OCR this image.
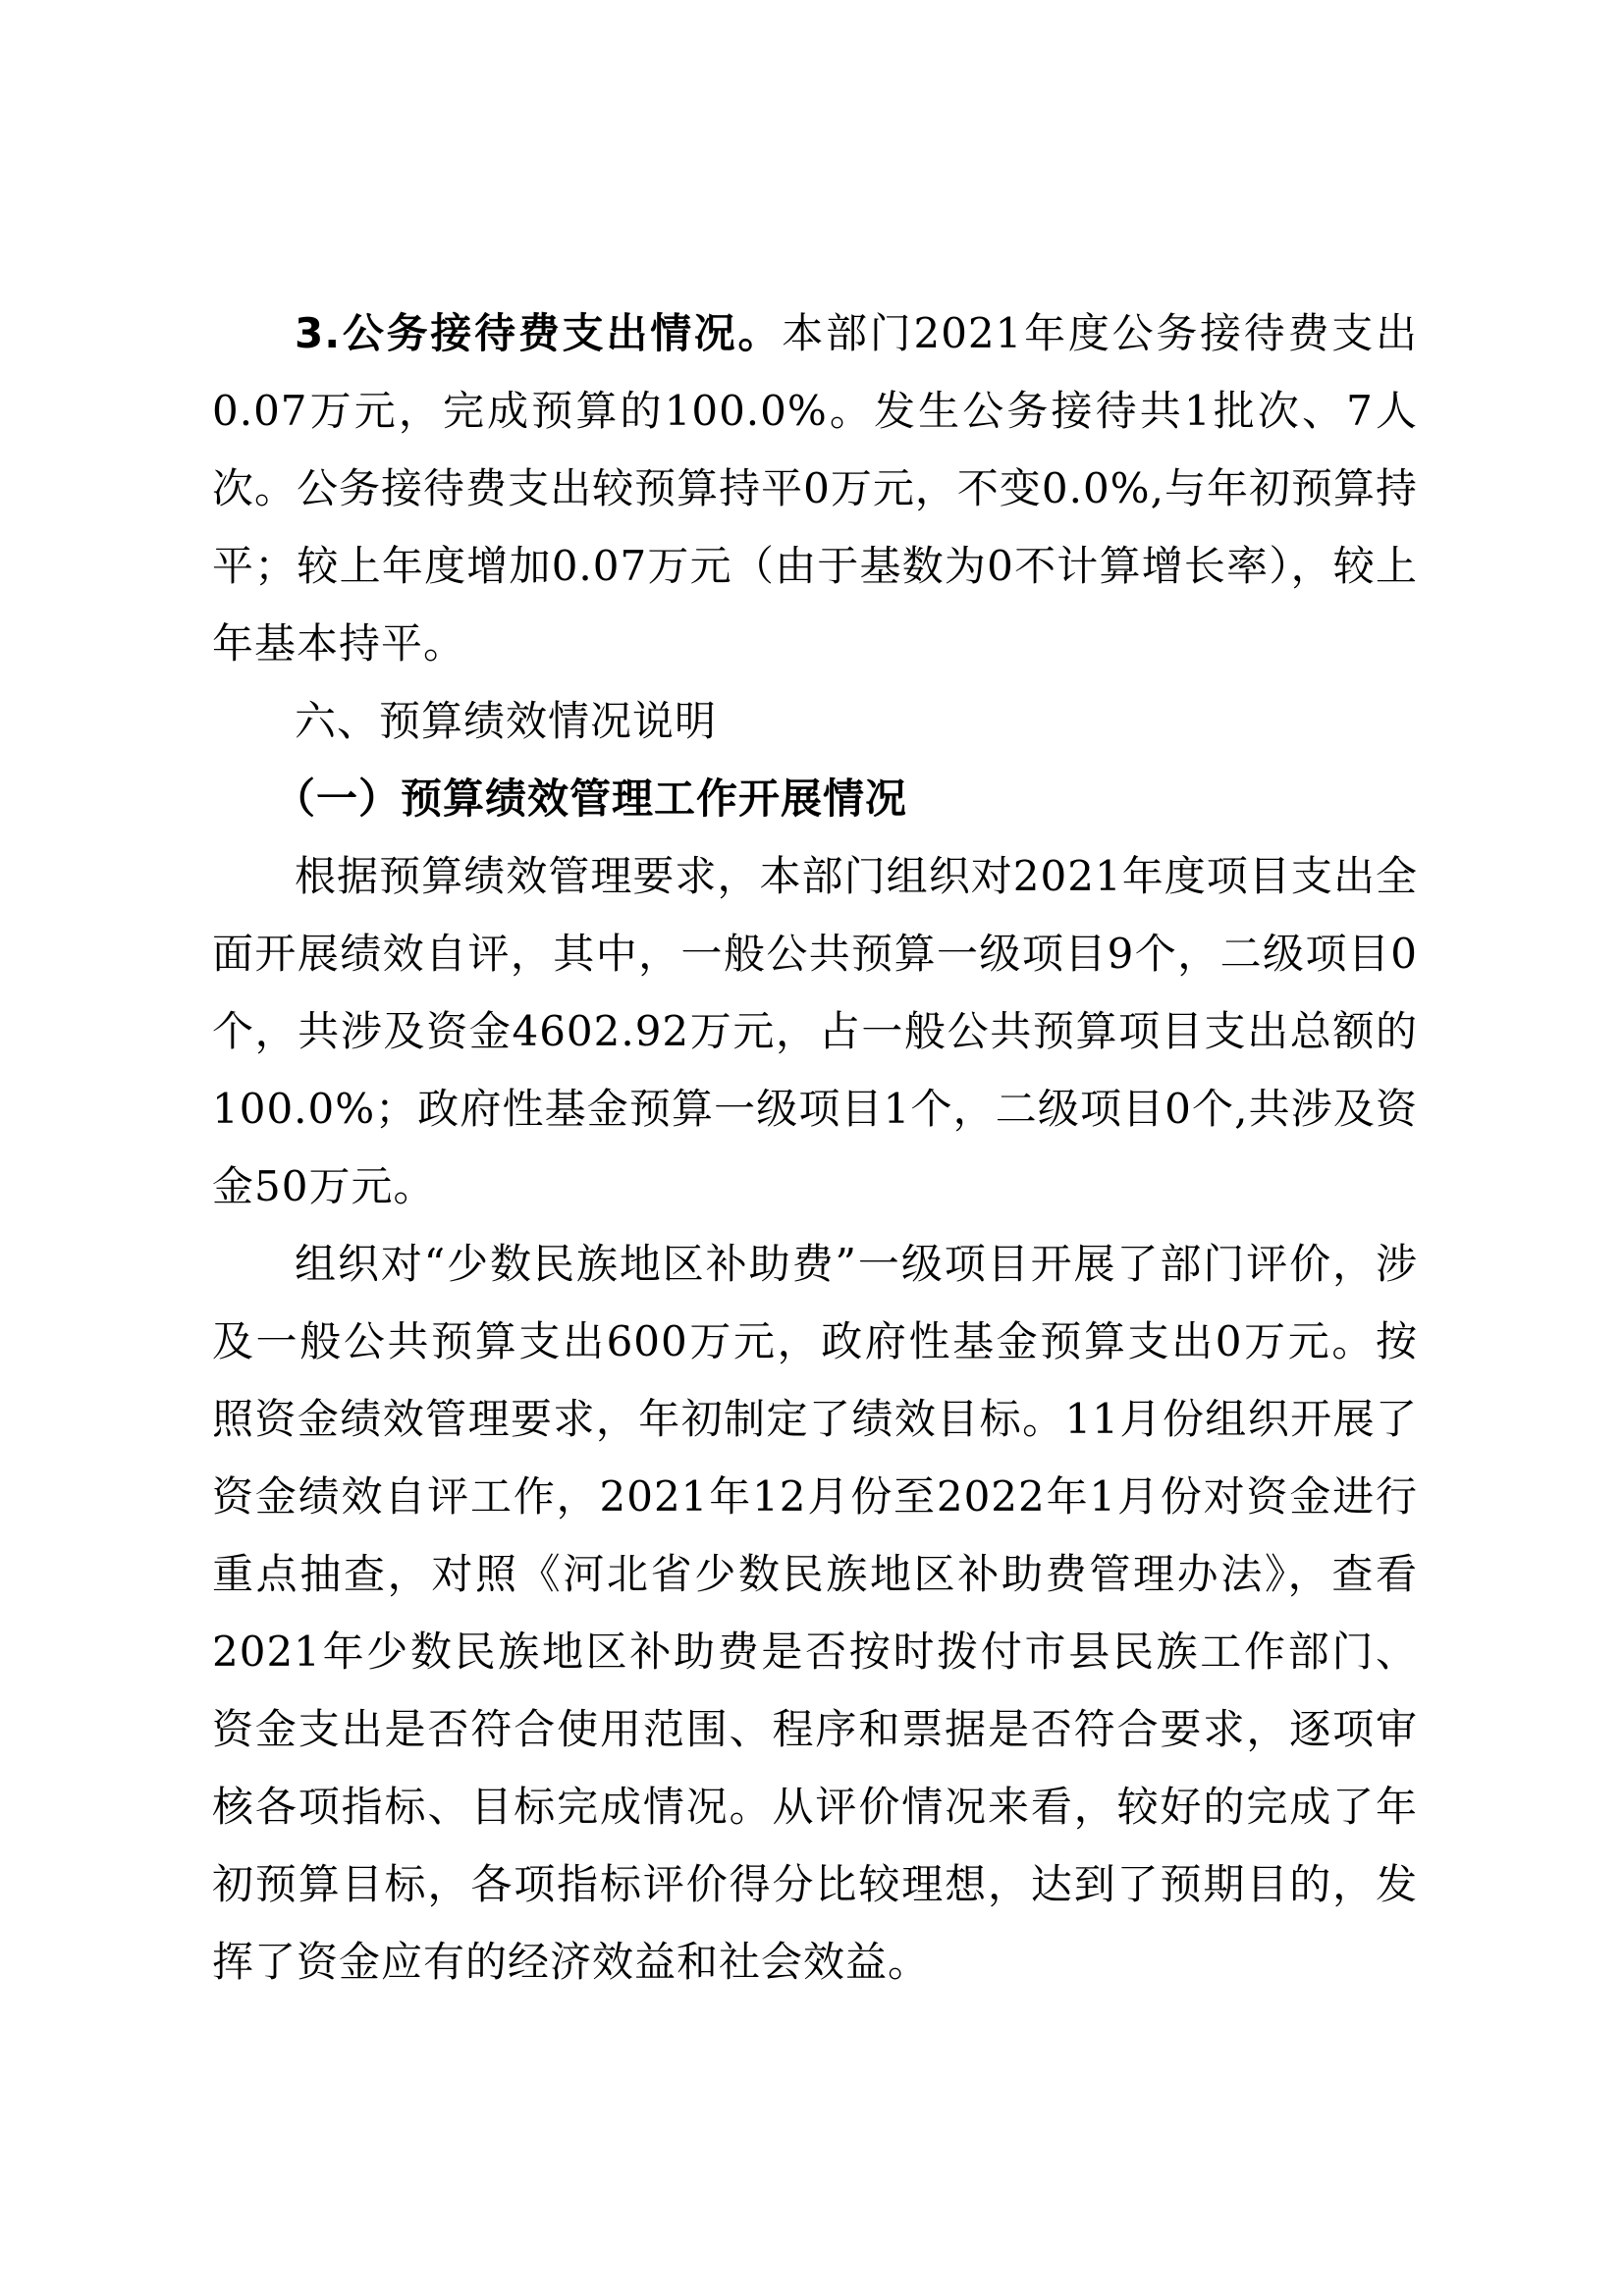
3.公务接待费支出情况。本部门2021年度公务接待费支出0.07万元，完成预算的100.0%。发生公务接待共1批次、7人次。公务接待费支出较预算持平0万元，不变0.0%,与年初预算持平；较上年度增加0.07万元（由于基数为0不计算增长率），较上年基本持平。

六、预算绩效情况说明

（一）预算绩效管理工作开展情况

根据预算绩效管理要求，本部门组织对2021年度项目支出全面开展绩效自评，其中，一般公共预算一级项目9个，二级项目0个，共涉及资金4602.92万元，占一般公共预算项目支出总额的100.0%；政府性基金预算一级项目1个，二级项目0个,共涉及资金50万元。

组织对“少数民族地区补助费”一级项目开展了部门评价，涉及一般公共预算支出600万元，政府性基金预算支出0万元。按照资金绩效管理要求，年初制定了绩效目标。11月份组织开展了资金绩效自评工作，2021年12月份至2022年1月份对资金进行重点抽查，对照《河北省少数民族地区补助费管理办法》，查看2021年少数民族地区补助费是否按时拨付市县民族工作部门、资金支出是否符合使用范围、程序和票据是否符合要求，逐项审核各项指标、目标完成情况。从评价情况来看，较好的完成了年初预算目标，各项指标评价得分比较理想，达到了预期目的，发挥了资金应有的经济效益和社会效益。
